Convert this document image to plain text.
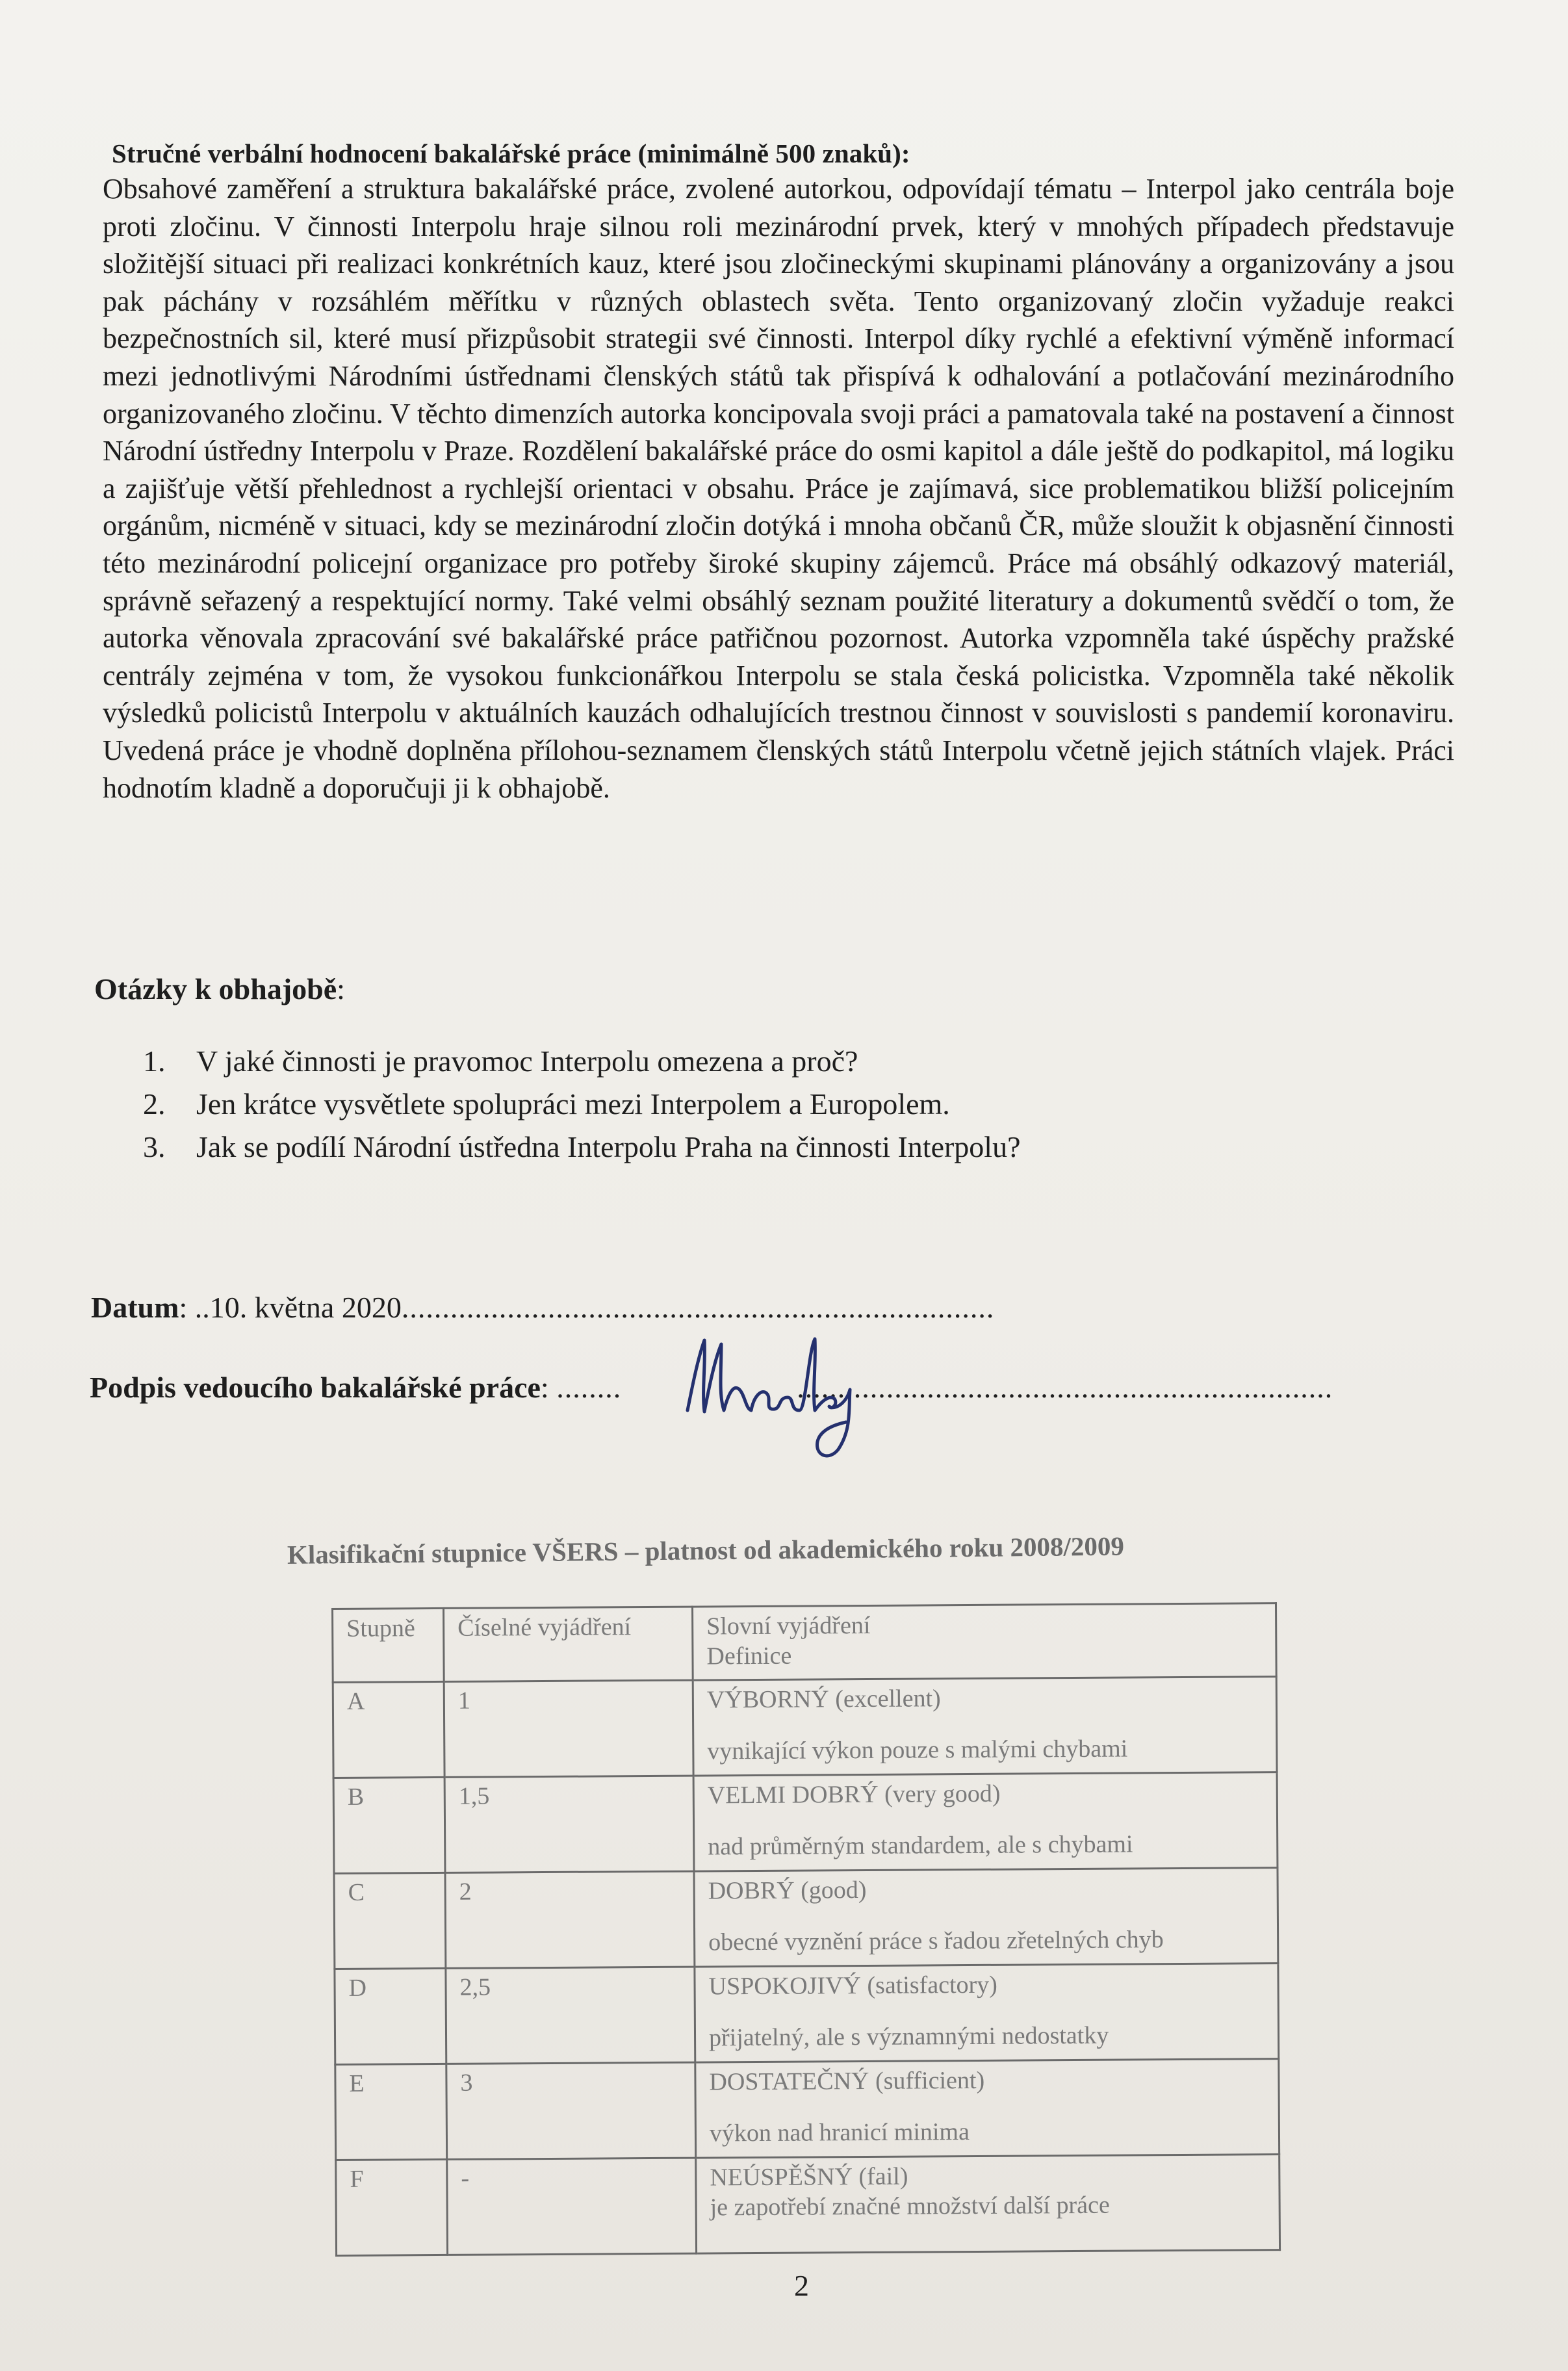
Stručné verbální hodnocení bakalářské práce (minimálně 500 znaků):

Obsahové zaměření a struktura bakalářské práce, zvolené autorkou, odpovídají tématu – Interpol jako centrála boje proti zločinu. V činnosti Interpolu hraje silnou roli mezinárodní prvek, který v mnohých případech představuje složitější situaci při realizaci konkrétních kauz, které jsou zločineckými skupinami plánovány a organizovány a jsou pak páchány v rozsáhlém měřítku v různých oblastech světa. Tento organizovaný zločin vyžaduje reakci bezpečnostních sil, které musí přizpůsobit strategii své činnosti. Interpol díky rychlé a efektivní výměně informací mezi jednotlivými Národními ústřednami členských států tak přispívá k odhalování a potlačování mezinárodního organizovaného zločinu. V těchto dimenzích autorka koncipovala svoji práci a pamatovala také na postavení a činnost Národní ústředny Interpolu v Praze. Rozdělení bakalářské práce do osmi kapitol a dále ještě do podkapitol, má logiku a zajišťuje větší přehlednost a rychlejší orientaci v obsahu. Práce je zajímavá, sice problematikou bližší policejním orgánům, nicméně v situaci, kdy se mezinárodní zločin dotýká i mnoha občanů ČR, může sloužit k objasnění činnosti této mezinárodní policejní organizace pro potřeby široké skupiny zájemců. Práce má obsáhlý odkazový materiál, správně seřazený a respektující normy. Také velmi obsáhlý seznam použité literatury a dokumentů svědčí o tom, že autorka věnovala zpracování své bakalářské práce patřičnou pozornost. Autorka vzpomněla také úspěchy pražské centrály zejména v tom, že vysokou funkcionářkou Interpolu se stala česká policistka. Vzpomněla také několik výsledků policistů Interpolu v aktuálních kauzách odhalujících trestnou činnost v souvislosti s pandemií koronaviru. Uvedená práce je vhodně doplněna přílohou-seznamem členských států Interpolu včetně jejich státních vlajek. Práci hodnotím kladně a doporučuji ji k obhajobě.

Otázky k obhajobě:
1.	V jaké činnosti je pravomoc Interpolu omezena a proč?
2.	Jen krátce vysvětlete spolupráci mezi Interpolem a Europolem.
3.	Jak se podílí Národní ústředna Interpolu Praha na činnosti Interpolu?
Datum: ..10. května 2020.........................................................................
Podpis vedoucího bakalářské práce: ........	..................................................................
Klasifikační stupnice VŠERS – platnost od akademického roku 2008/2009
Stupně	Číselné vyjádření	Slovní vyjádření
Definice

A	1	VÝBORNÝ (excellent)
vynikající výkon pouze s malými chybami

B	1,5	VELMI DOBRÝ (very good)
nad průměrným standardem, ale s chybami

C	2	DOBRÝ (good)
obecné vyznění práce s řadou zřetelných chyb

D	2,5	USPOKOJIVÝ (satisfactory)
přijatelný, ale s významnými nedostatky

E	3	DOSTATEČNÝ (sufficient)
výkon nad hranicí minima

F	-	NEÚSPĚŠNÝ (fail)
je zapotřebí značné množství další práce
2
